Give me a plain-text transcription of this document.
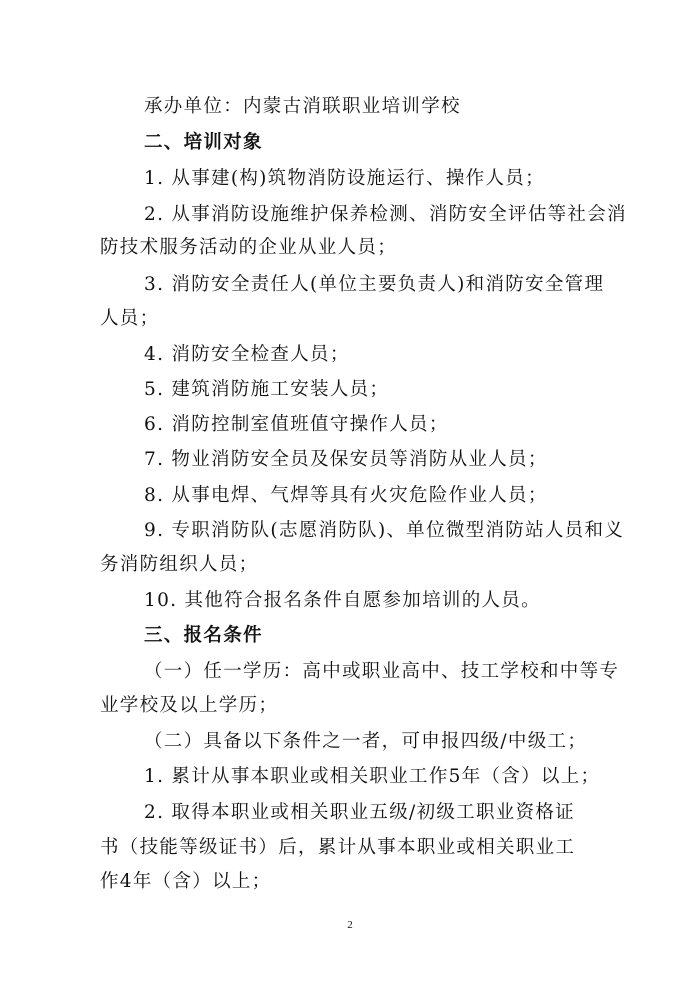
承办单位：内蒙古消联职业培训学校
二、培训对象
1. 从事建(构)筑物消防设施运行、操作人员；
2. 从事消防设施维护保养检测、消防安全评估等社会消
防技术服务活动的企业从业人员；
3. 消防安全责任人(单位主要负责人)和消防安全管理
人员；
4. 消防安全检查人员；
5. 建筑消防施工安装人员；
6. 消防控制室值班值守操作人员；
7. 物业消防安全员及保安员等消防从业人员；
8. 从事电焊、气焊等具有火灾危险作业人员；
9. 专职消防队(志愿消防队)、单位微型消防站人员和义
务消防组织人员；
10. 其他符合报名条件自愿参加培训的人员。
三、报名条件
（一）任一学历：高中或职业高中、技工学校和中等专
业学校及以上学历；
（二）具备以下条件之一者，可申报四级/中级工；
1. 累计从事本职业或相关职业工作5年（含）以上；
2. 取得本职业或相关职业五级/初级工职业资格证
书（技能等级证书）后，累计从事本职业或相关职业工
作4年（含）以上；
2
